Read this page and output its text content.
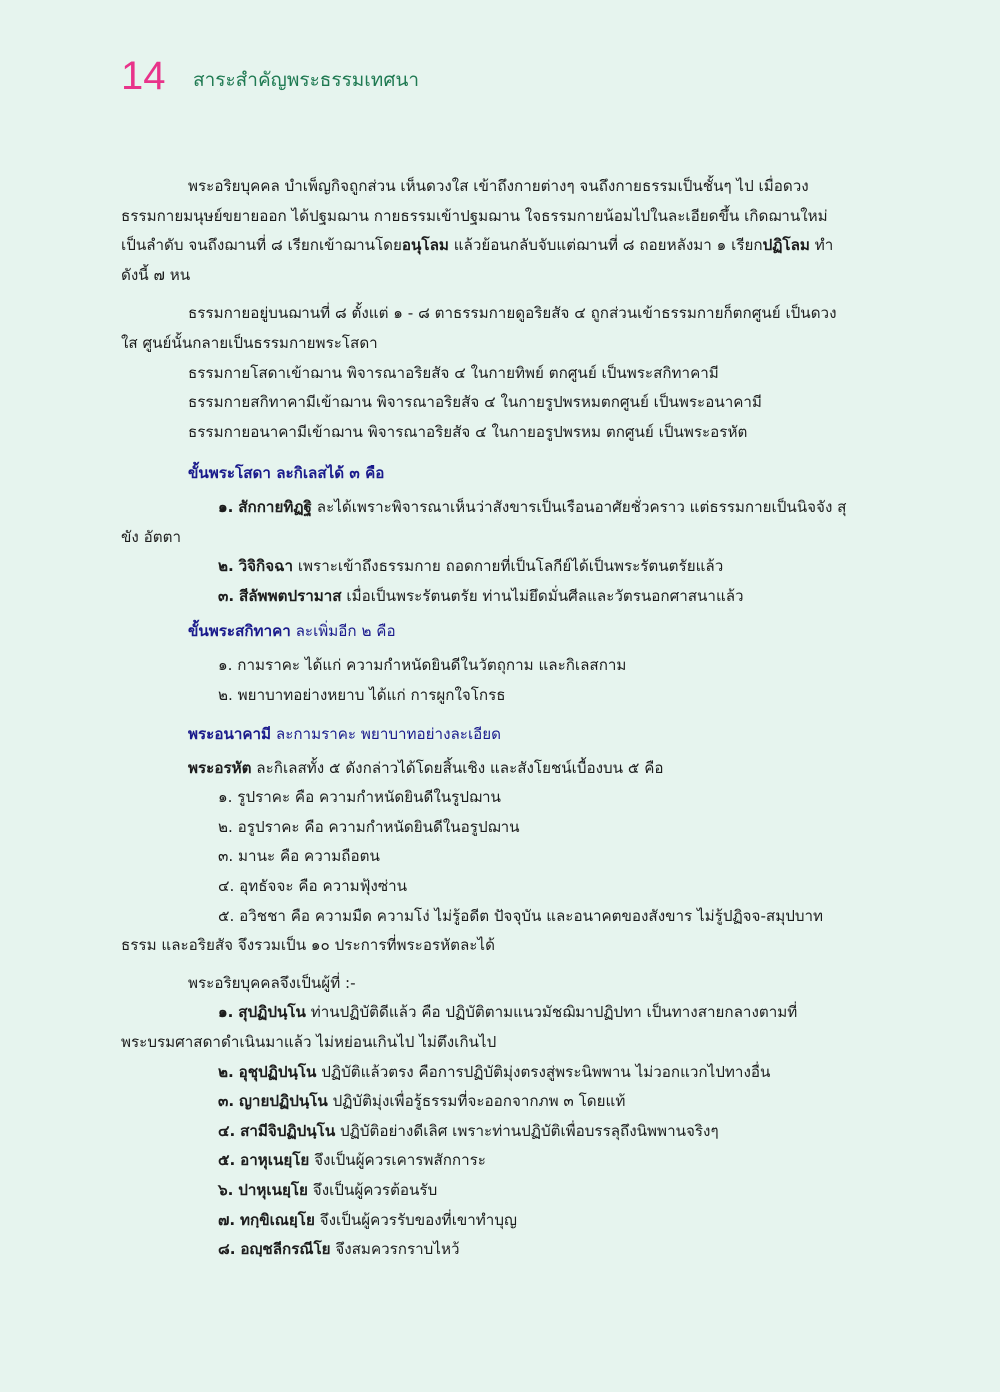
14 สาระสำคัญพระธรรมเทศนา

พระอริยบุคคล บำเพ็ญกิจถูกส่วน เห็นดวงใส เข้าถึงกายต่างๆ จนถึงกายธรรมเป็นชั้นๆ ไป เมื่อดวงธรรมกายมนุษย์ขยายออก ได้ปฐมฌาน กายธรรมเข้าปฐมฌาน ใจธรรมกายน้อมไปในละเอียดขึ้น เกิดฌานใหม่เป็นลำดับ จนถึงฌานที่ ๘ เรียกเข้าฌานโดยอนุโลม แล้วย้อนกลับจับแต่ฌานที่ ๘ ถอยหลังมา ๑ เรียกปฏิโลม ทำดังนี้ ๗ หน

ธรรมกายอยู่บนฌานที่ ๘ ตั้งแต่ ๑ - ๘ ตาธรรมกายดูอริยสัจ ๔ ถูกส่วนเข้าธรรมกายก็ตกศูนย์ เป็นดวงใส ศูนย์นั้นกลายเป็นธรรมกายพระโสดา

ธรรมกายโสดาเข้าฌาน พิจารณาอริยสัจ ๔ ในกายทิพย์ ตกศูนย์ เป็นพระสกิทาคามี

ธรรมกายสกิทาคามีเข้าฌาน พิจารณาอริยสัจ ๔ ในกายรูปพรหมตกศูนย์ เป็นพระอนาคามี

ธรรมกายอนาคามีเข้าฌาน พิจารณาอริยสัจ ๔ ในกายอรูปพรหม ตกศูนย์ เป็นพระอรหัต

ขั้นพระโสดา ละกิเลสได้ ๓ คือ

๑. สักกายทิฏฐิ ละได้เพราะพิจารณาเห็นว่าสังขารเป็นเรือนอาศัยชั่วคราว แต่ธรรมกายเป็นนิจจัง สุขัง อัตตา

๒. วิจิกิจฉา เพราะเข้าถึงธรรมกาย ถอดกายที่เป็นโลกีย์ได้เป็นพระรัตนตรัยแล้ว

๓. สีลัพพตปรามาส เมื่อเป็นพระรัตนตรัย ท่านไม่ยึดมั่นศีลและวัตรนอกศาสนาแล้ว

ขั้นพระสกิทาคา ละเพิ่มอีก ๒ คือ

๑. กามราคะ ได้แก่ ความกำหนัดยินดีในวัตถุกาม และกิเลสกาม

๒. พยาบาทอย่างหยาบ ได้แก่ การผูกใจโกรธ

พระอนาคามี ละกามราคะ พยาบาทอย่างละเอียด

พระอรหัต ละกิเลสทั้ง ๕ ดังกล่าวได้โดยสิ้นเชิง และสังโยชน์เบื้องบน ๕ คือ

๑. รูปราคะ คือ ความกำหนัดยินดีในรูปฌาน

๒. อรูปราคะ คือ ความกำหนัดยินดีในอรูปฌาน

๓. มานะ คือ ความถือตน

๔. อุทธัจจะ คือ ความฟุ้งซ่าน

๕. อวิชชา คือ ความมืด ความโง่ ไม่รู้อดีต ปัจจุบัน และอนาคตของสังขาร ไม่รู้ปฏิจจ-สมุปบาทธรรม และอริยสัจ จึงรวมเป็น ๑๐ ประการที่พระอรหัตละได้

พระอริยบุคคลจึงเป็นผู้ที่ :-

๑. สุปฏิปนฺโน ท่านปฏิบัติดีแล้ว คือ ปฏิบัติตามแนวมัชฌิมาปฏิปทา เป็นทางสายกลางตามที่พระบรมศาสดาดำเนินมาแล้ว ไม่หย่อนเกินไป ไม่ตึงเกินไป

๒. อุชุปฏิปนฺโน ปฏิบัติแล้วตรง คือการปฏิบัติมุ่งตรงสู่พระนิพพาน ไม่วอกแวกไปทางอื่น

๓. ญายปฏิปนฺโน ปฏิบัติมุ่งเพื่อรู้ธรรมที่จะออกจากภพ ๓ โดยแท้

๔. สามีจิปฏิปนฺโน ปฏิบัติอย่างดีเลิศ เพราะท่านปฏิบัติเพื่อบรรลุถึงนิพพานจริงๆ

๕. อาหุเนยฺโย จึงเป็นผู้ควรเคารพสักการะ

๖. ปาหุเนยฺโย จึงเป็นผู้ควรต้อนรับ

๗. ทกฺขิเณยฺโย จึงเป็นผู้ควรรับของที่เขาทำบุญ

๘. อญฺชลีกรณีโย จึงสมควรกราบไหว้
